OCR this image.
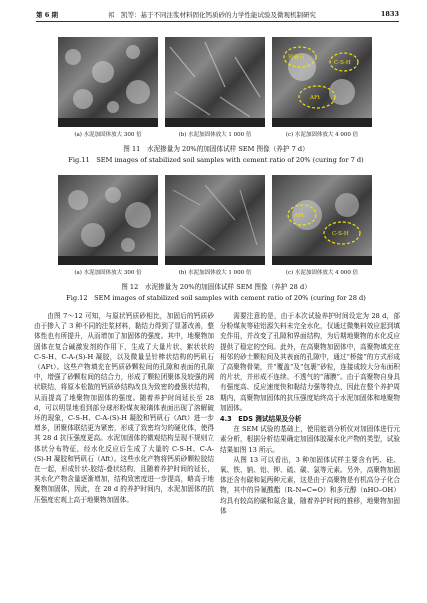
第 6 期	祁　凯等：基于不同注浆材料固化钙质砂的力学性能试验及微观机制研究	1833
钙矾石
C-S-H
AFt
(a) 水泥加固体放大 300 倍	(b) 水泥加固体放大 1 000 倍	(c) 水泥加固体放大 4 000 倍
图 11　水泥掺量为 20%的加固体试样 SEM 图像（养护 7 d）
Fig.11　SEM images of stabilized soil samples with cement ratio of 20% (curing for 7 d)
AFt
C-S-H
(a) 水泥加固体放大 300 倍	(b) 水泥加固体放大 1 000 倍	(c) 水泥加固体放大 4 000 倍
图 12　水泥掺量为 20%的加固体试样 SEM 图像（养护 28 d）
Fig.12　SEM images of stabilized soil samples with cement ratio of 20% (curing for 28 d)

由图 7～12 可知，与原状钙质砂相比，加固后的钙质砂由于掺入了 3 种不同的注浆材料，黏结力得到了显著改善，整体性也有所提升，从而增加了加固体的强度。其中，地聚物加固体在复合碱激发剂的作用下，生成了大量片状、絮状状的 C-S-H、C-A-(S)-H 凝胶，以及微量呈针棒状结构的钙矾石（AFt）。这些产物填充在钙质砂颗粒间的孔隙和表面的孔隙中，增强了砂颗粒间的结合力，形成了颗粒团聚体及较强的网状联结，将原本松散的钙质砂结构改良为致密的叠簇状结构，从而提高了地聚物加固体的强度。随着养护时间延长至 28 d，可以明显地看到部分球形粉煤灰玻璃体表面出现了溶解破坏的现象，C-S-H、C-A-(S)-H 凝胶和钙矾石（Aft）进一步增多，团聚体联结更为紧密，形成了致密均匀的硬化体，使得其 28 d 抗压强度更高。水泥加固体的微观结构呈现不规则立体状分布特征，经水化反应后生成了大量的 C-S-H、C-A-(S)-H 凝胶和钙矾石（Aft）。这些水化产物将钙质砂颗粒胶结在一起，形成针状-胶结-叠状结构，且随着养护时间的延长，其水化产物含量逐渐增加，结构致密度进一步提高，略高于地聚物加固体，因此，在 28 d 的养护时间内，水泥加固体的抗压强度宏观上高于地聚物加固体。

需要注意的是，由于本次试验养护时间设定为 28 d，部分粉煤灰等硅铝源矢料未完全水化，仅通过微集料效应起到填充作用，并改变了孔隙和界面结构，为后期地聚物的水化反应提供了稳定的空间。此外，在高聚物加固体中，高聚物填充在相邻的砂土颗粒间及其表面的孔隙中，通过“桥接”的方式形成了高聚物骨架，并“覆盖”及“包裹”砂粒，连接成较大分布面积的片状，并形成不连续、不透气的“薄膜”。由于高聚物自身具有强度高、反应速度快和黏结力强等特点，因此在整个养护周期内，高聚物加固体的抗压强度始终高于水泥加固体和地聚物加固体。

4.3　EDS 测试结果及分析

在 SEM 试验的基础上，使用能谱分析仪对加固体进行元素分析，根据分析结果确定加固体胶凝水化产物的类型，试验结果如图 13 所示。

从图 13 可以看出，3 种加固体试样主要含有钙、硅、氧、铁、钠、铝、钾、硫、碳、氯等元素。另外，高聚物加固体还含有碳和氮两种元素，这是由于高聚物是有机高分子化合物，其中的异氰酸酯（R–N=C=O）和多元醇（nHO–OH）均具有较高的碳和氮含量，随着养护时间的推移，地聚物加固体
